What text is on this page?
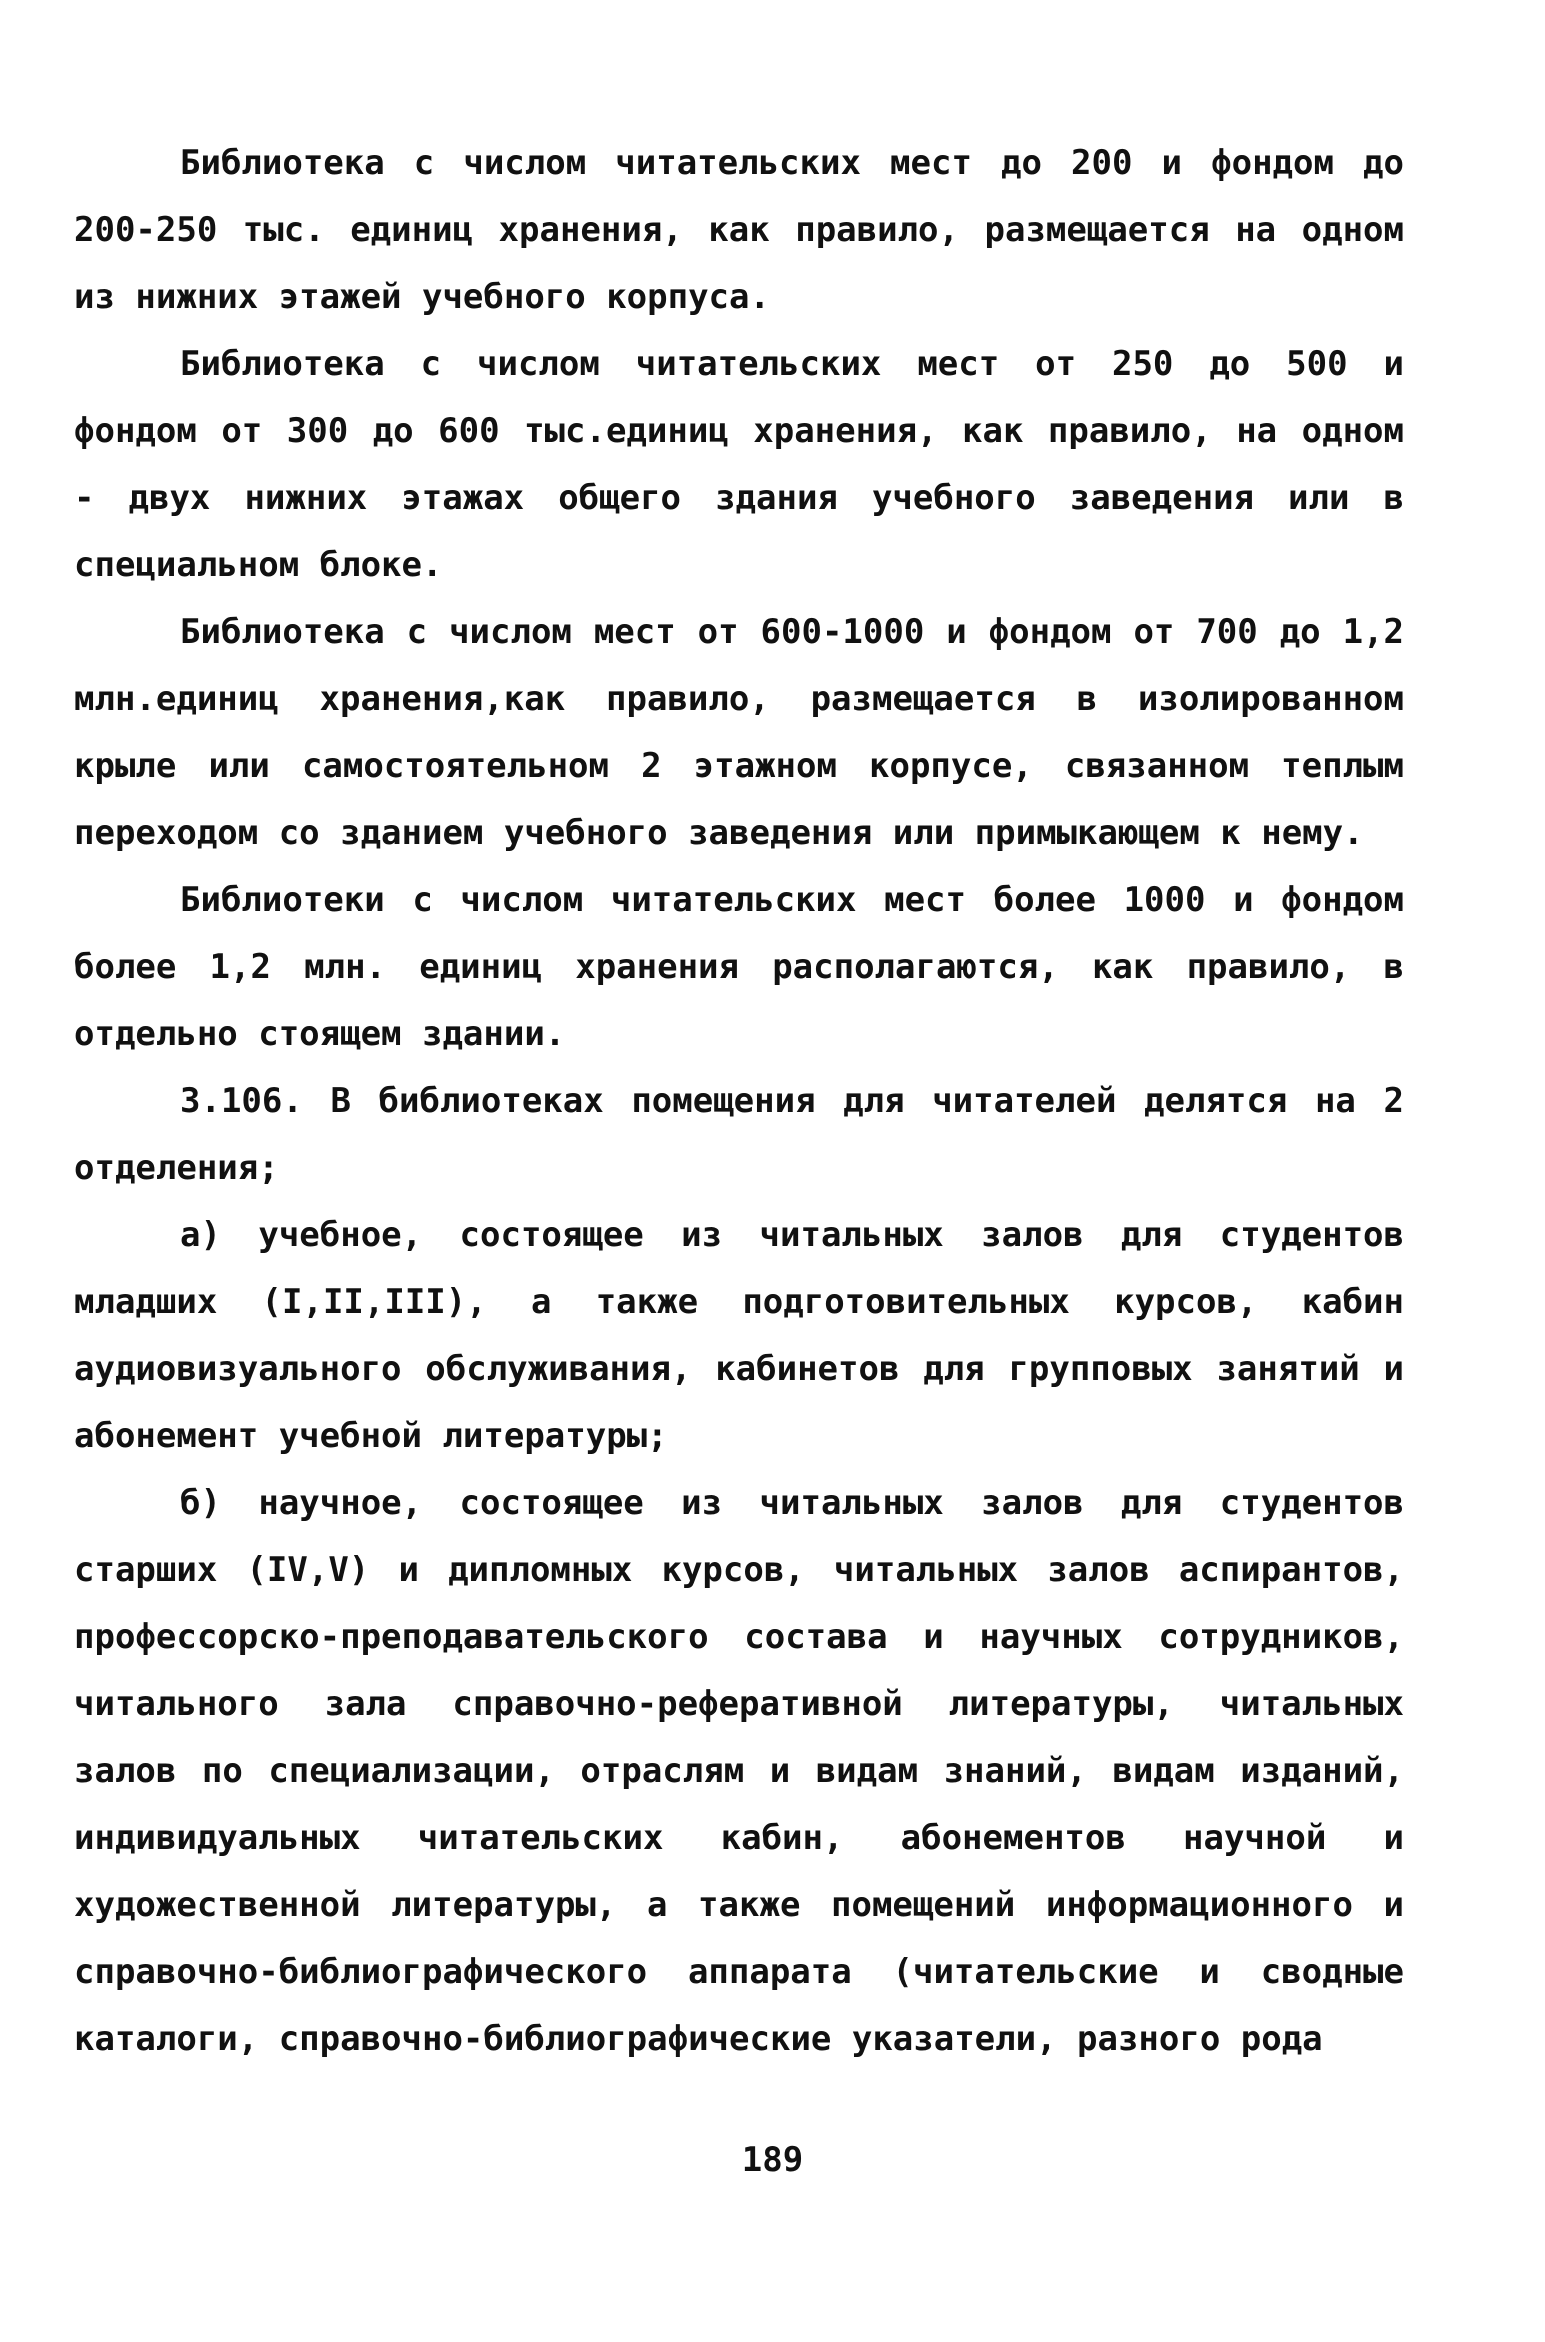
Библиотека с числом читательских мест до 200 и фондом до 200-250 тыс. единиц хранения, как правило, размещается на одном из нижних этажей учебного корпуса.

Библиотека с числом читательских мест от 250 до 500 и фондом от 300 до 600 тыс.единиц хранения, как правило, на одном - двух нижних этажах общего здания учебного заведения или в специальном блоке.

Библиотека с числом мест от 600-1000 и фондом от 700 до 1,2 млн.единиц хранения,как правило, размещается в изолированном крыле или самостоятельном 2 этажном корпусе, связанном теплым переходом со зданием учебного заведения или примыкающем к нему.

Библиотеки с числом читательских мест более 1000 и фондом более 1,2 млн. единиц хранения располагаются, как правило, в отдельно стоящем здании.

3.106. В библиотеках помещения для читателей делятся на 2 отделения;

а) учебное, состоящее из читальных залов для студентов младших (I,II,III), а также подготовительных курсов, кабин аудиовизуального обслуживания, кабинетов для групповых занятий и абонемент учебной литературы;

б) научное, состоящее из читальных залов для студентов старших (IV,V) и дипломных курсов, читальных залов аспирантов, профессорско-преподавательского состава и научных сотрудников, читального зала справочно-реферативной литературы, читальных залов по специализации, отраслям и видам знаний, видам изданий, индивидуальных читательских кабин, абонементов научной и художественной литературы, а также помещений информационного и справочно-библиографического аппарата (читательские и сводные каталоги, справочно-библиографические указатели, разного рода

189
